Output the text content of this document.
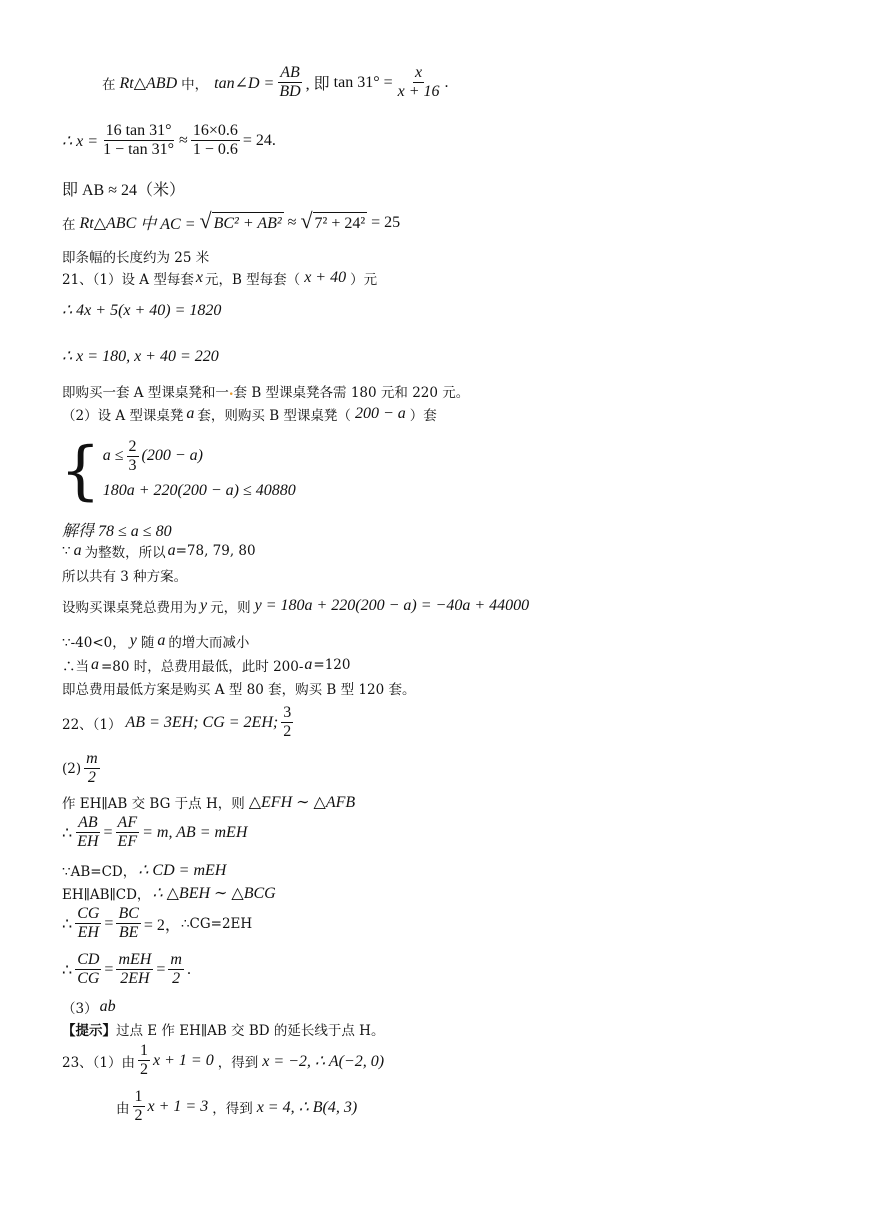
在 Rt△ABD 中， tan∠D = $\frac{AB}{BD}$ , 即 $\tan 31^\circ = \frac{x}{x + 16}$ .
∴ $x = \frac{16 \tan 31^\circ}{1 - \tan 31^\circ} \approx \frac{16\times 0.6}{1 - 0.6} = 24$.
即 AB ≈ 24（米）
在 Rt△ABC 中 AC = √ BC² + AB² ≈ √ 7² + 24² = 25
即条幅的长度约为 25 米
21、（1）设 A 型每套 x 元，B 型每套（ x + 40 ）元
∴ 4x + 5(x + 40) = 1820
∴ x = 180, x + 40 = 220
即购买一套 A 型课桌凳和一 . 套 B 型课桌凳各需 180 元和 220 元。
（2）设 A 型课桌凳 a 套，则购买 B 型课桌凳（ 200 − a ）套
{ $a \le \frac{2}{3} (200 - a)$
180a + 220(200 − a) ≤ 40880
解得 78 ≤ a ≤ 80
∵ a 为整数，所以 a =78, 79, 80
所以共有 3 种方案。
设购买课桌凳总费用为 y 元，则 y = 180a + 220(200 − a) = −40a + 44000
∵-40<0， y 随 a 的增大而减小
∴当 a =80 时，总费用最低，此时 200- a =120
即总费用最低方案是购买 A 型 80 套，购买 B 型 120 套。
22、（1） AB = 3EH; CG = 2EH; $\frac{3}{2}$
$(2) \frac{m}{2}$
作 EH∥AB 交 BG 于点 H，则 △EFH ∼ △AFB
∴ $\frac{AB}{EH} = \frac{AF}{EF} = m$, AB = mEH
∵AB=CD， ∴ CD = mEH
EH∥AB∥CD， ∴ △BEH ∼ △BCG
∴ $\frac{CG}{EH} = \frac{BC}{BE} = 2$， ∴CG=2EH
∴ $\frac{CD}{CG} = \frac{\text{mEH}}{2EH} = \frac{m}{2}$ .
（3） ab
【提示】 过点 E 作 EH∥AB 交 BD 的延长线于点 H。
23、（1）由 $\frac{1}{2}$ x + 1 = 0 ，得到 x = −2, ∴ A(−2, 0)
由 $\frac{1}{2}$ x + 1 = 3 ，得到 x = 4, ∴ B(4, 3)
